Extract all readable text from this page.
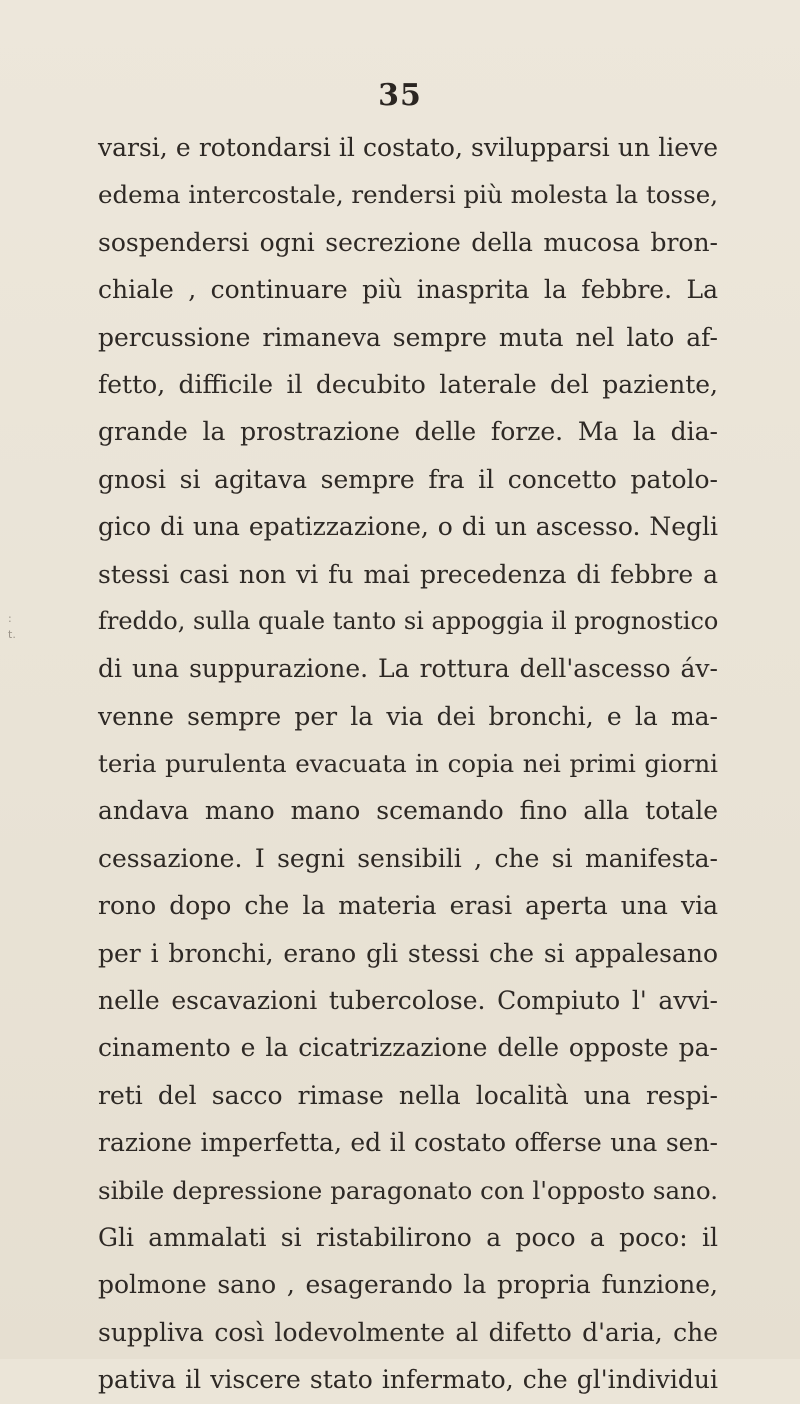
35
:
t.
varsi, e rotondarsi il costato, svilupparsi un lieve
edema intercostale, rendersi più molesta la tosse,
sospendersi ogni secrezione della mucosa bron-
chiale , continuare più inasprita la febbre. La
percussione rimaneva sempre muta nel lato af-
fetto, difficile il decubito laterale del paziente,
grande la prostrazione delle forze. Ma la dia-
gnosi si agitava sempre fra il concetto patolo-
gico di una epatizzazione, o di un ascesso. Negli
stessi casi non vi fu mai precedenza di febbre a
freddo, sulla quale tanto si appoggia il prognostico
di una suppurazione. La rottura dell'ascesso áv-
venne sempre per la via dei bronchi, e la ma-
teria purulenta evacuata in copia nei primi giorni
andava mano mano scemando fino alla totale
cessazione. I segni sensibili , che si manifesta-
rono dopo che la materia erasi aperta una via
per i bronchi, erano gli stessi che si appalesano
nelle escavazioni tubercolose. Compiuto l' avvi-
cinamento e la cicatrizzazione delle opposte pa-
reti del sacco rimase nella località una respi-
razione imperfetta, ed il costato offerse una sen-
sibile depressione paragonato con l'opposto sano.
Gli ammalati si ristabilirono a poco a poco: il
polmone sano , esagerando la propria funzione,
suppliva così lodevolmente al difetto d'aria, che
pativa il viscere stato infermato, che gl'individui
